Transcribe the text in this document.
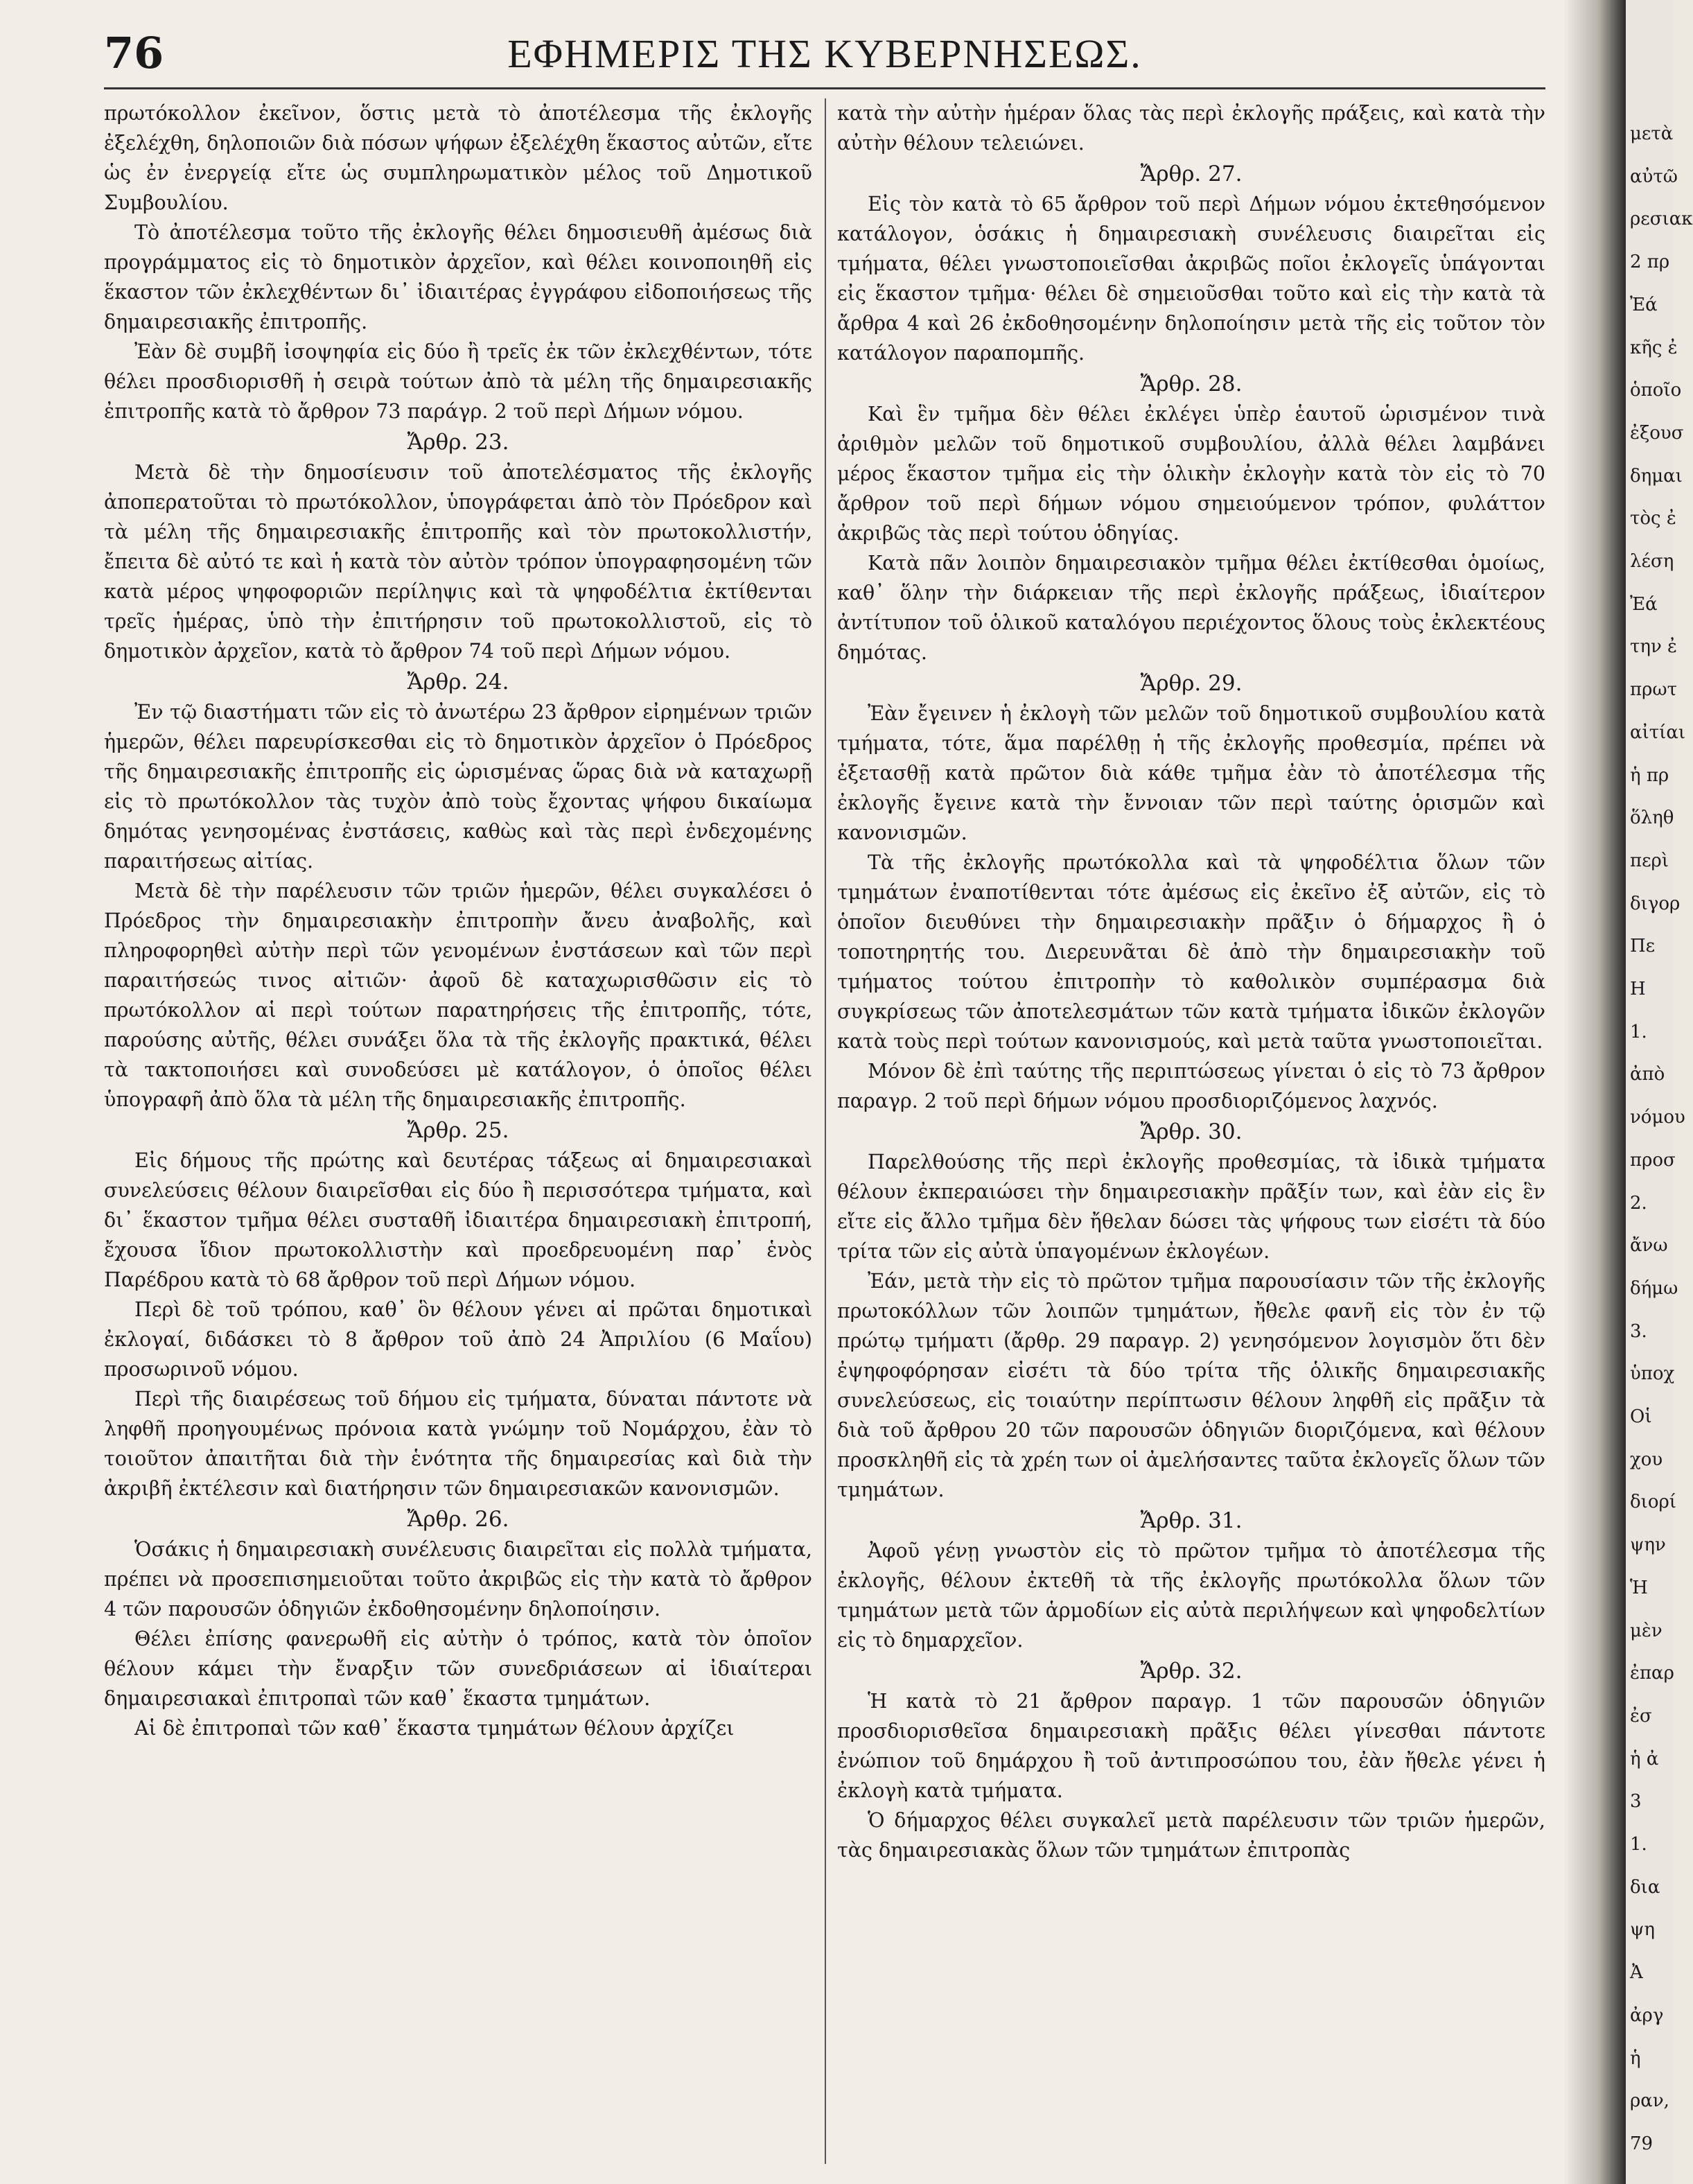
76	ΕΦΗΜΕΡΙΣ ΤΗΣ ΚΥΒΕΡΝΗΣΕΩΣ.

πρωτόκολλον ἐκεῖνον, ὅστις μετὰ τὸ ἀποτέλεσμα τῆς ἐκλογῆς ἐξελέχθη, δηλοποιῶν διὰ πόσων ψήφων ἐξελέχθη ἕκαστος αὐτῶν, εἴτε ὡς ἐν ἐνεργείᾳ εἴτε ὡς συμπληρωματικὸν μέλος τοῦ Δημοτικοῦ Συμβουλίου.

Τὸ ἀποτέλεσμα τοῦτο τῆς ἐκλογῆς θέλει δημοσιευθῆ ἀμέσως διὰ προγράμματος εἰς τὸ δημοτικὸν ἀρχεῖον, καὶ θέλει κοινοποιηθῆ εἰς ἕκαστον τῶν ἐκλεχθέντων δι᾽ ἰδιαιτέρας ἐγγράφου εἰδοποιήσεως τῆς δημαιρεσιακῆς ἐπιτροπῆς.

Ἐὰν δὲ συμβῆ ἰσοψηφία εἰς δύο ἢ τρεῖς ἐκ τῶν ἐκλεχθέντων, τότε θέλει προσδιορισθῆ ἡ σειρὰ τούτων ἀπὸ τὰ μέλη τῆς δημαιρεσιακῆς ἐπιτροπῆς κατὰ τὸ ἄρθρον 73 παράγρ. 2 τοῦ περὶ Δήμων νόμου.

Ἄρθρ. 23.

Μετὰ δὲ τὴν δημοσίευσιν τοῦ ἀποτελέσματος τῆς ἐκλογῆς ἀποπερατοῦται τὸ πρωτόκολλον, ὑπογράφεται ἀπὸ τὸν Πρόεδρον καὶ τὰ μέλη τῆς δημαιρεσιακῆς ἐπιτροπῆς καὶ τὸν πρωτοκολλιστήν, ἔπειτα δὲ αὐτό τε καὶ ἡ κατὰ τὸν αὐτὸν τρόπον ὑπογραφησομένη τῶν κατὰ μέρος ψηφοφοριῶν περίληψις καὶ τὰ ψηφοδέλτια ἐκτίθενται τρεῖς ἡμέρας, ὑπὸ τὴν ἐπιτήρησιν τοῦ πρωτοκολλιστοῦ, εἰς τὸ δημοτικὸν ἀρχεῖον, κατὰ τὸ ἄρθρον 74 τοῦ περὶ Δήμων νόμου.

Ἄρθρ. 24.

Ἐν τῷ διαστήματι τῶν εἰς τὸ ἀνωτέρω 23 ἄρθρον εἰρημένων τριῶν ἡμερῶν, θέλει παρευρίσκεσθαι εἰς τὸ δημοτικὸν ἀρχεῖον ὁ Πρόεδρος τῆς δημαιρεσιακῆς ἐπιτροπῆς εἰς ὡρισμένας ὥρας διὰ νὰ καταχωρῇ εἰς τὸ πρωτόκολλον τὰς τυχὸν ἀπὸ τοὺς ἔχοντας ψήφου δικαίωμα δημότας γενησομένας ἐνστάσεις, καθὼς καὶ τὰς περὶ ἐνδεχομένης παραιτήσεως αἰτίας.

Μετὰ δὲ τὴν παρέλευσιν τῶν τριῶν ἡμερῶν, θέλει συγκαλέσει ὁ Πρόεδρος τὴν δημαιρεσιακὴν ἐπιτροπὴν ἄνευ ἀναβολῆς, καὶ πληροφορηθεὶ αὐτὴν περὶ τῶν γενομένων ἐνστάσεων καὶ τῶν περὶ παραιτήσεώς τινος αἰτιῶν· ἀφοῦ δὲ καταχωρισθῶσιν εἰς τὸ πρωτόκολλον αἱ περὶ τούτων παρατηρήσεις τῆς ἐπιτροπῆς, τότε, παρούσης αὐτῆς, θέλει συνάξει ὅλα τὰ τῆς ἐκλογῆς πρακτικά, θέλει τὰ τακτοποιήσει καὶ συνοδεύσει μὲ κατάλογον, ὁ ὁποῖος θέλει ὑπογραφῆ ἀπὸ ὅλα τὰ μέλη τῆς δημαιρεσιακῆς ἐπιτροπῆς.

Ἄρθρ. 25.

Εἰς δήμους τῆς πρώτης καὶ δευτέρας τάξεως αἱ δημαιρεσιακαὶ συνελεύσεις θέλουν διαιρεῖσθαι εἰς δύο ἢ περισσότερα τμήματα, καὶ δι᾽ ἕκαστον τμῆμα θέλει συσταθῆ ἰδιαιτέρα δημαιρεσιακὴ ἐπιτροπή, ἔχουσα ἴδιον πρωτοκολλιστὴν καὶ προεδρευομένη παρ᾽ ἑνὸς Παρέδρου κατὰ τὸ 68 ἄρθρον τοῦ περὶ Δήμων νόμου.

Περὶ δὲ τοῦ τρόπου, καθ᾽ ὃν θέλουν γένει αἱ πρῶται δημοτικαὶ ἐκλογαί, διδάσκει τὸ 8 ἄρθρον τοῦ ἀπὸ 24 Ἀπριλίου (6 Μαΐου) προσωρινοῦ νόμου.

Περὶ τῆς διαιρέσεως τοῦ δήμου εἰς τμήματα, δύναται πάντοτε νὰ ληφθῆ προηγουμένως πρόνοια κατὰ γνώμην τοῦ Νομάρχου, ἐὰν τὸ τοιοῦτον ἀπαιτῆται διὰ τὴν ἑνότητα τῆς δημαιρεσίας καὶ διὰ τὴν ἀκριβῆ ἐκτέλεσιν καὶ διατήρησιν τῶν δημαιρεσιακῶν κανονισμῶν.

Ἄρθρ. 26.

Ὁσάκις ἡ δημαιρεσιακὴ συνέλευσις διαιρεῖται εἰς πολλὰ τμήματα, πρέπει νὰ προσεπισημειοῦται τοῦτο ἀκριβῶς εἰς τὴν κατὰ τὸ ἄρθρον 4 τῶν παρουσῶν ὁδηγιῶν ἐκδοθησομένην δηλοποίησιν.

Θέλει ἐπίσης φανερωθῆ εἰς αὐτὴν ὁ τρόπος, κατὰ τὸν ὁποῖον θέλουν κάμει τὴν ἔναρξιν τῶν συνεδριάσεων αἱ ἰδιαίτεραι δημαιρεσιακαὶ ἐπιτροπαὶ τῶν καθ᾽ ἕκαστα τμημάτων.

Αἱ δὲ ἐπιτροπαὶ τῶν καθ᾽ ἕκαστα τμημάτων θέλουν ἀρχίζει

κατὰ τὴν αὐτὴν ἡμέραν ὅλας τὰς περὶ ἐκλογῆς πράξεις, καὶ κατὰ τὴν αὐτὴν θέλουν τελειώνει.

Ἄρθρ. 27.

Εἰς τὸν κατὰ τὸ 65 ἄρθρον τοῦ περὶ Δήμων νόμου ἐκτεθησόμενον κατάλογον, ὁσάκις ἡ δημαιρεσιακὴ συνέλευσις διαιρεῖται εἰς τμήματα, θέλει γνωστοποιεῖσθαι ἀκριβῶς ποῖοι ἐκλογεῖς ὑπάγονται εἰς ἕκαστον τμῆμα· θέλει δὲ σημειοῦσθαι τοῦτο καὶ εἰς τὴν κατὰ τὰ ἄρθρα 4 καὶ 26 ἐκδοθησομένην δηλοποίησιν μετὰ τῆς εἰς τοῦτον τὸν κατάλογον παραπομπῆς.

Ἄρθρ. 28.

Καὶ ἓν τμῆμα δὲν θέλει ἐκλέγει ὑπὲρ ἑαυτοῦ ὡρισμένον τινὰ ἀριθμὸν μελῶν τοῦ δημοτικοῦ συμβουλίου, ἀλλὰ θέλει λαμβάνει μέρος ἕκαστον τμῆμα εἰς τὴν ὁλικὴν ἐκλογὴν κατὰ τὸν εἰς τὸ 70 ἄρθρον τοῦ περὶ δήμων νόμου σημειούμενον τρόπον, φυλάττον ἀκριβῶς τὰς περὶ τούτου ὁδηγίας.

Κατὰ πᾶν λοιπὸν δημαιρεσιακὸν τμῆμα θέλει ἐκτίθεσθαι ὁμοίως, καθ᾽ ὅλην τὴν διάρκειαν τῆς περὶ ἐκλογῆς πράξεως, ἰδιαίτερον ἀντίτυπον τοῦ ὁλικοῦ καταλόγου περιέχοντος ὅλους τοὺς ἐκλεκτέους δημότας.

Ἄρθρ. 29.

Ἐὰν ἔγεινεν ἡ ἐκλογὴ τῶν μελῶν τοῦ δημοτικοῦ συμβουλίου κατὰ τμήματα, τότε, ἅμα παρέλθῃ ἡ τῆς ἐκλογῆς προθεσμία, πρέπει νὰ ἐξετασθῇ κατὰ πρῶτον διὰ κάθε τμῆμα ἐὰν τὸ ἀποτέλεσμα τῆς ἐκλογῆς ἔγεινε κατὰ τὴν ἔννοιαν τῶν περὶ ταύτης ὁρισμῶν καὶ κανονισμῶν.

Τὰ τῆς ἐκλογῆς πρωτόκολλα καὶ τὰ ψηφοδέλτια ὅλων τῶν τμημάτων ἐναποτίθενται τότε ἀμέσως εἰς ἐκεῖνο ἐξ αὐτῶν, εἰς τὸ ὁποῖον διευθύνει τὴν δημαιρεσιακὴν πρᾶξιν ὁ δήμαρχος ἢ ὁ τοποτηρητής του. Διερευνᾶται δὲ ἀπὸ τὴν δημαιρεσιακὴν τοῦ τμήματος τούτου ἐπιτροπὴν τὸ καθολικὸν συμπέρασμα διὰ συγκρίσεως τῶν ἀποτελεσμάτων τῶν κατὰ τμήματα ἰδικῶν ἐκλογῶν κατὰ τοὺς περὶ τούτων κανονισμούς, καὶ μετὰ ταῦτα γνωστοποιεῖται.

Μόνον δὲ ἐπὶ ταύτης τῆς περιπτώσεως γίνεται ὁ εἰς τὸ 73 ἄρθρον παραγρ. 2 τοῦ περὶ δήμων νόμου προσδιοριζόμενος λαχνός.

Ἄρθρ. 30.

Παρελθούσης τῆς περὶ ἐκλογῆς προθεσμίας, τὰ ἰδικὰ τμήματα θέλουν ἐκπεραιώσει τὴν δημαιρεσιακὴν πρᾶξίν των, καὶ ἐὰν εἰς ἓν εἴτε εἰς ἄλλο τμῆμα δὲν ἤθελαν δώσει τὰς ψήφους των εἰσέτι τὰ δύο τρίτα τῶν εἰς αὐτὰ ὑπαγομένων ἐκλογέων.

Ἐάν, μετὰ τὴν εἰς τὸ πρῶτον τμῆμα παρουσίασιν τῶν τῆς ἐκλογῆς πρωτοκόλλων τῶν λοιπῶν τμημάτων, ἤθελε φανῆ εἰς τὸν ἐν τῷ πρώτῳ τμήματι (ἄρθρ. 29 παραγρ. 2) γενησόμενον λογισμὸν ὅτι δὲν ἐψηφοφόρησαν εἰσέτι τὰ δύο τρίτα τῆς ὁλικῆς δημαιρεσιακῆς συνελεύσεως, εἰς τοιαύτην περίπτωσιν θέλουν ληφθῆ εἰς πρᾶξιν τὰ διὰ τοῦ ἄρθρου 20 τῶν παρουσῶν ὁδηγιῶν διοριζόμενα, καὶ θέλουν προσκληθῆ εἰς τὰ χρέη των οἱ ἀμελήσαντες ταῦτα ἐκλογεῖς ὅλων τῶν τμημάτων.

Ἄρθρ. 31.

Ἀφοῦ γένῃ γνωστὸν εἰς τὸ πρῶτον τμῆμα τὸ ἀποτέλεσμα τῆς ἐκλογῆς, θέλουν ἐκτεθῆ τὰ τῆς ἐκλογῆς πρωτόκολλα ὅλων τῶν τμημάτων μετὰ τῶν ἁρμοδίων εἰς αὐτὰ περιλήψεων καὶ ψηφοδελτίων εἰς τὸ δημαρχεῖον.

Ἄρθρ. 32.

Ἡ κατὰ τὸ 21 ἄρθρον παραγρ. 1 τῶν παρουσῶν ὁδηγιῶν προσδιορισθεῖσα δημαιρεσιακὴ πρᾶξις θέλει γίνεσθαι πάντοτε ἐνώπιον τοῦ δημάρχου ἢ τοῦ ἀντιπροσώπου του, ἐὰν ἤθελε γένει ἡ ἐκλογὴ κατὰ τμήματα.

Ὁ δήμαρχος θέλει συγκαλεῖ μετὰ παρέλευσιν τῶν τριῶν ἡμερῶν, τὰς δημαιρεσιακὰς ὅλων τῶν τμημάτων ἐπιτροπὰς

μετὰ
αὐτῶ
ρεσιακ
2 πρ
Ἐά
κῆς ἐ
ὁποῖο
ἐξουσ
δημαι
τὸς ἐ
λέση
Ἐά
την ἐ
πρωτ
αἰτίαι
ἡ πρ
ὅληθ
περὶ
διγορ
Πε
Η
1.
ἀπὸ
νόμου
προσ
2.
ἄνω
δήμω
3.
ὑποχ
Οἱ
χου
διορί
ψην
Ἡ
μὲν
ἐπαρ
ἐσ
ἡ ἀ
3
1.
δια
ψη
Ἀ
ἀργ
ἡ
ραν,
79
